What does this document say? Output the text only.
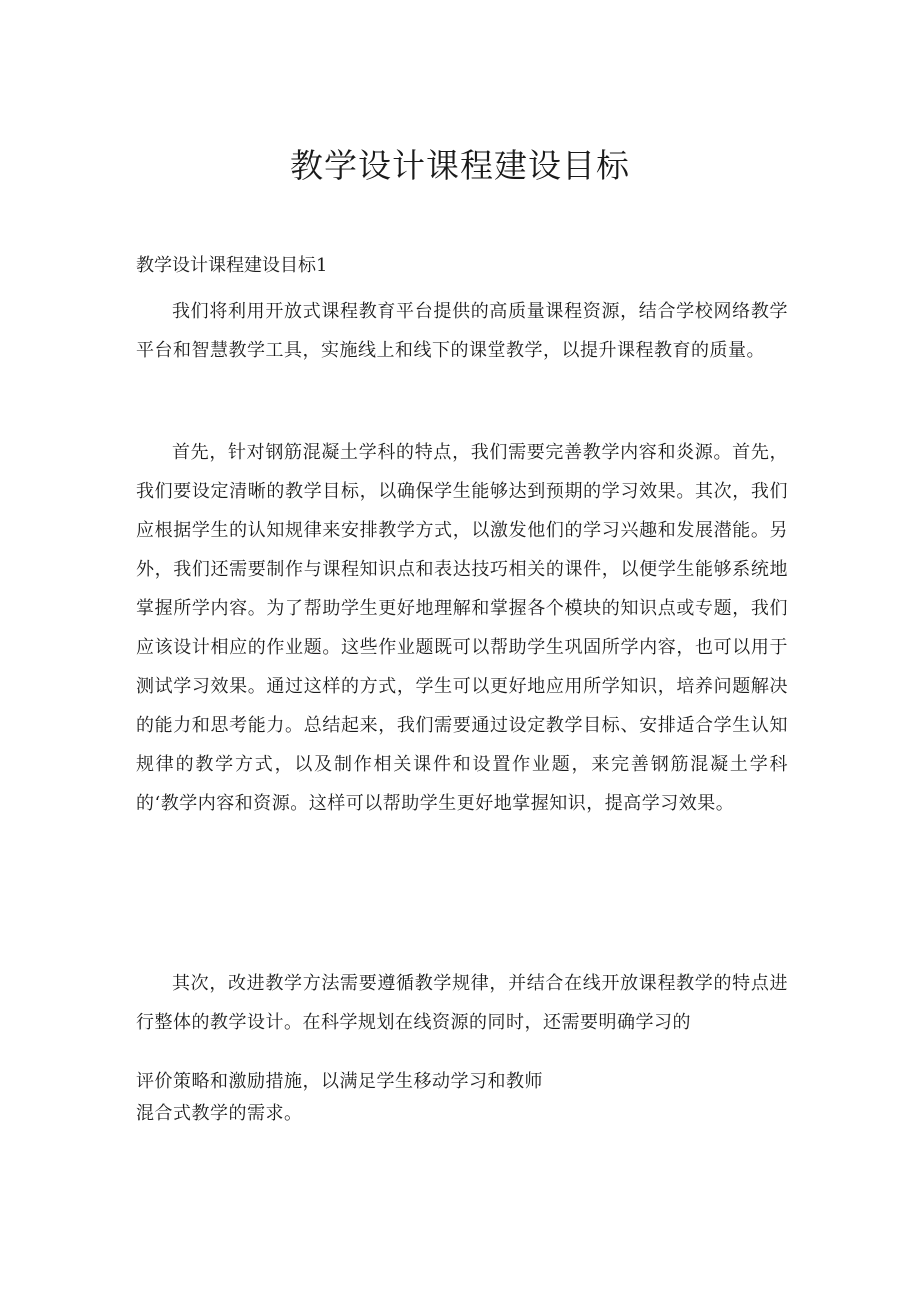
教学设计课程建设目标
教学设计课程建设目标1

我们将利用开放式课程教育平台提供的高质量课程资源，结合学校网络教学平台和智慧教学工具，实施线上和线下的课堂教学，以提升课程教育的质量。

首先，针对钢筋混凝土学科的特点，我们需要完善教学内容和炎源。首先，我们要设定清晰的教学目标，以确保学生能够达到预期的学习效果。其次，我们应根据学生的认知规律来安排教学方式，以激发他们的学习兴趣和发展潜能。另外，我们还需要制作与课程知识点和表达技巧相关的课件，以便学生能够系统地掌握所学内容。为了帮助学生更好地理解和掌握各个模块的知识点或专题，我们应该设计相应的作业题。这些作业题既可以帮助学生巩固所学内容，也可以用于测试学习效果。通过这样的方式，学生可以更好地应用所学知识，培养问题解决的能力和思考能力。总结起来，我们需要通过设定教学目标、安排适合学生认知规律的教学方式，以及制作相关课件和设置作业题，来完善钢筋混凝土学科的‘教学内容和资源。这样可以帮助学生更好地掌握知识，提高学习效果。

其次，改进教学方法需要遵循教学规律，并结合在线开放课程教学的特点进行整体的教学设计。在科学规划在线资源的同时，还需要明确学习的

评价策略和激励措施，以满足学生移动学习和教师

混合式教学的需求。
